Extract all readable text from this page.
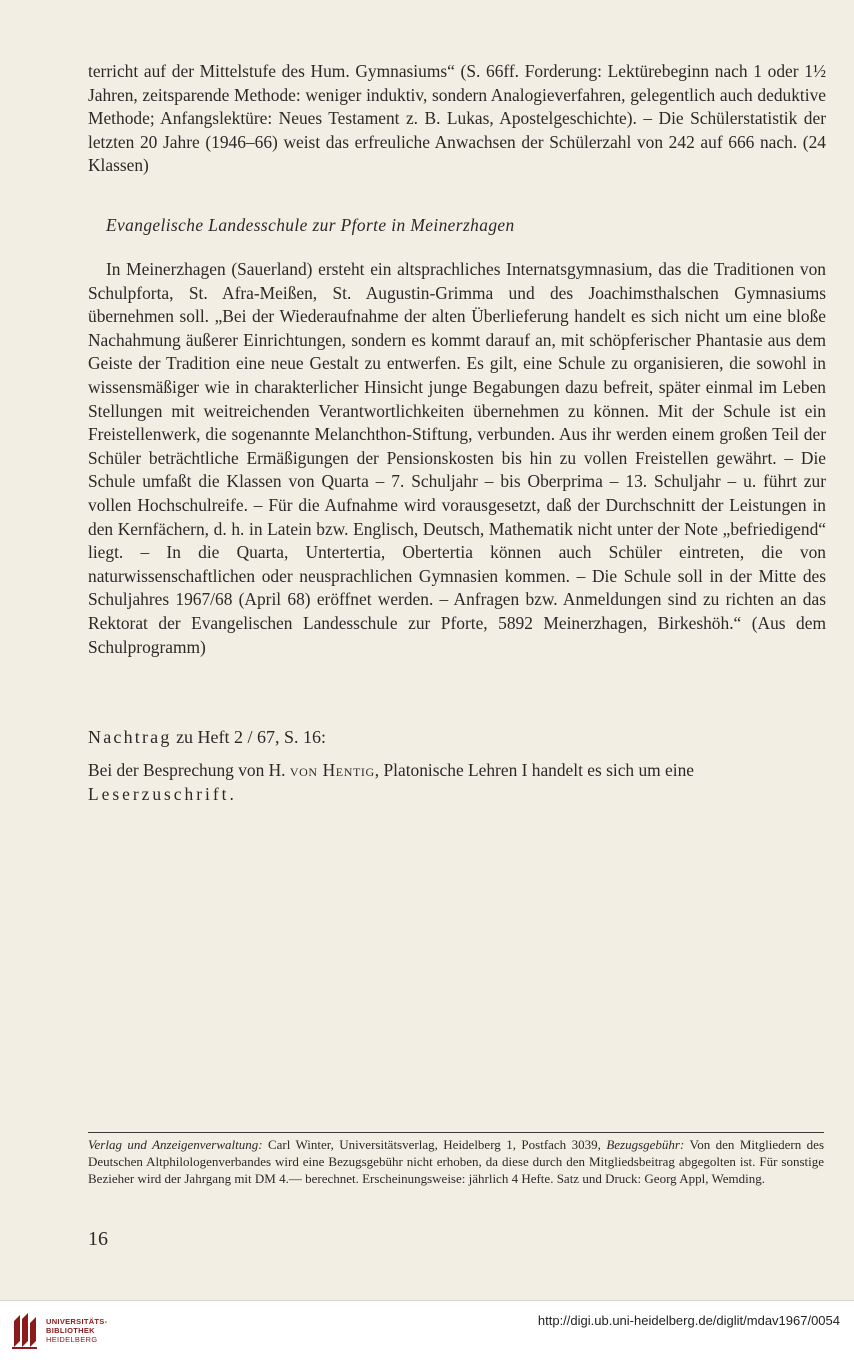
terricht auf der Mittelstufe des Hum. Gymnasiums“ (S. 66ff. Forderung: Lektürebeginn nach 1 oder 1½ Jahren, zeitsparende Methode: weniger induktiv, sondern Analogieverfahren, gelegentlich auch deduktive Methode; Anfangslektüre: Neues Testament z. B. Lukas, Apostelgeschichte). – Die Schülerstatistik der letzten 20 Jahre (1946–66) weist das erfreuliche Anwachsen der Schülerzahl von 242 auf 666 nach. (24 Klassen)
Evangelische Landesschule zur Pforte in Meinerzhagen
In Meinerzhagen (Sauerland) ersteht ein altsprachliches Internatsgymnasium, das die Traditionen von Schulpforta, St. Afra-Meißen, St. Augustin-Grimma und des Joachimsthalschen Gymnasiums übernehmen soll. „Bei der Wiederaufnahme der alten Überlieferung handelt es sich nicht um eine bloße Nachahmung äußerer Einrichtungen, sondern es kommt darauf an, mit schöpferischer Phantasie aus dem Geiste der Tradition eine neue Gestalt zu entwerfen. Es gilt, eine Schule zu organisieren, die sowohl in wissensmäßiger wie in charakterlicher Hinsicht junge Begabungen dazu befreit, später einmal im Leben Stellungen mit weitreichenden Verantwortlichkeiten übernehmen zu können. Mit der Schule ist ein Freistellenwerk, die sogenannte Melanchthon-Stiftung, verbunden. Aus ihr werden einem großen Teil der Schüler beträchtliche Ermäßigungen der Pensionskosten bis hin zu vollen Freistellen gewährt. – Die Schule umfaßt die Klassen von Quarta – 7. Schuljahr – bis Oberprima – 13. Schuljahr – u. führt zur vollen Hochschulreife. – Für die Aufnahme wird vorausgesetzt, daß der Durchschnitt der Leistungen in den Kernfächern, d. h. in Latein bzw. Englisch, Deutsch, Mathematik nicht unter der Note „befriedigend“ liegt. – In die Quarta, Untertertia, Obertertia können auch Schüler eintreten, die von naturwissenschaftlichen oder neusprachlichen Gymnasien kommen. – Die Schule soll in der Mitte des Schuljahres 1967/68 (April 68) eröffnet werden. – Anfragen bzw. Anmeldungen sind zu richten an das Rektorat der Evangelischen Landesschule zur Pforte, 5892 Meinerzhagen, Birkeshöh.“ (Aus dem Schulprogramm)
Nachtrag zu Heft 2 / 67, S. 16:
Bei der Besprechung von H. von Hentig, Platonische Lehren I handelt es sich um eine
Leserzuschrift.
Verlag und Anzeigenverwaltung: Carl Winter, Universitätsverlag, Heidelberg 1, Postfach 3039, Bezugsgebühr: Von den Mitgliedern des Deutschen Altphilologenverbandes wird eine Bezugsgebühr nicht erhoben, da diese durch den Mitgliedsbeitrag abgegolten ist. Für sonstige Bezieher wird der Jahrgang mit DM 4.— berechnet. Erscheinungsweise: jährlich 4 Hefte. Satz und Druck: Georg Appl, Wemding.
16
UNIVERSITÄTS-
BIBLIOTHEK
HEIDELBERG
http://digi.ub.uni-heidelberg.de/diglit/mdav1967/0054
